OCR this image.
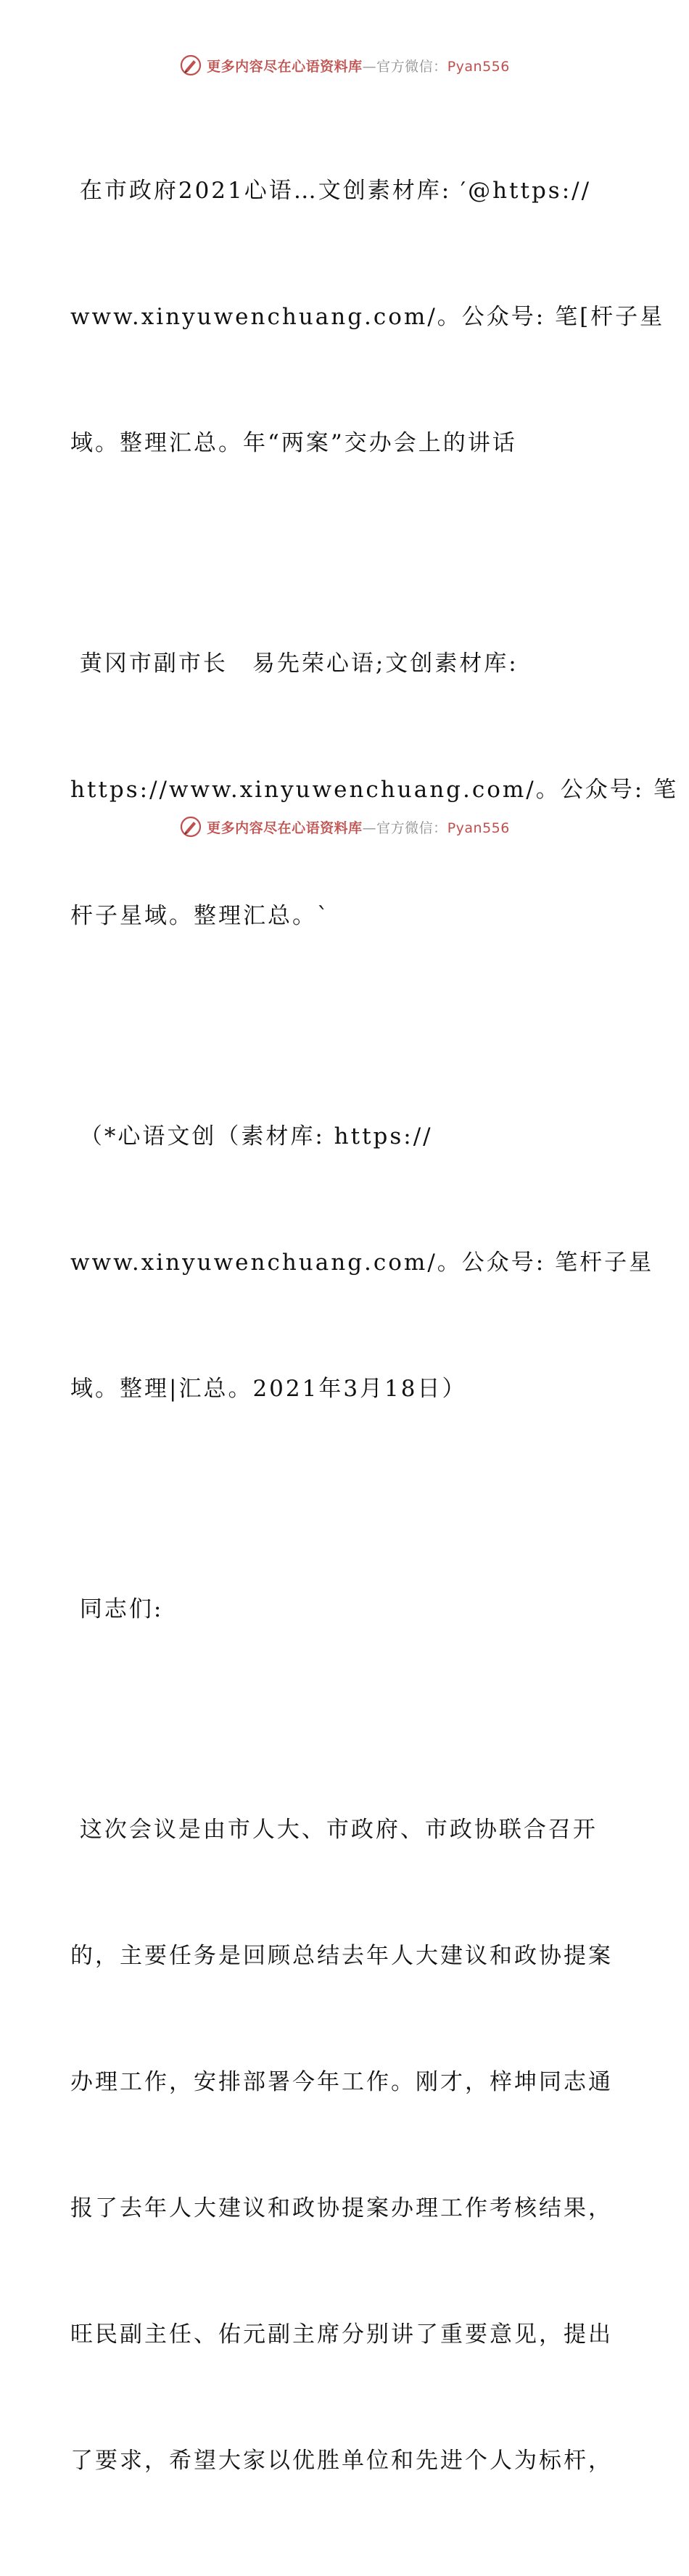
更多内容尽在心语资料库—官方微信：Pyan556

在市政府2021心语…文创素材库: ′@https://

www.xinyuwenchuang.com/。公众号: 笔[杆子星

域。整理汇总。年“两案”交办会上的讲话

黄冈市副市长　易先荣心语;文创素材库:

https://www.xinyuwenchuang.com/。公众号: 笔

杆子星域。整理汇总。`

（*心语文创（素材库: https://

www.xinyuwenchuang.com/。公众号: 笔杆子星

域。整理|汇总。2021年3月18日）

同志们:

这次会议是由市人大、市政府、市政协联合召开

的，主要任务是回顾总结去年人大建议和政协提案

办理工作，安排部署今年工作。刚才，梓坤同志通

报了去年人大建议和政协提案办理工作考核结果，

旺民副主任、佑元副主席分别讲了重要意见，提出

了要求，希望大家以优胜单位和先进个人为标杆，

更多内容尽在心语资料库—官方微信：Pyan556
